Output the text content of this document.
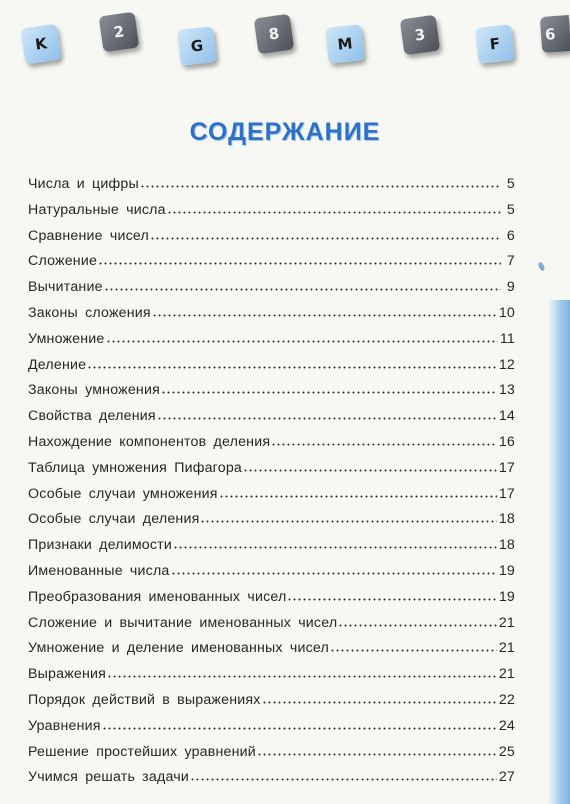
K
2
G
8
M	3	F
6
СОДЕРЖАНИЕ
Числа и цифры	5
Натуральные числа	5
Сравнение чисел	6
Сложение	7
Вычитание	9
Законы сложения	10
Умножение	11
Деление	12
Законы умножения	13
Свойства деления	14
Нахождение компонентов деления	16
Таблица умножения Пифагора	17
Особые случаи умножения	17
Особые случаи деления	18
Признаки делимости	18
Именованные числа	19
Преобразования именованных чисел	19
Сложение и вычитание именованных чисел	21
Умножение и деление именованных чисел	21
Выражения	21
Порядок действий в выражениях	22
Уравнения	24
Решение простейших уравнений	25
Учимся решать задачи	27
